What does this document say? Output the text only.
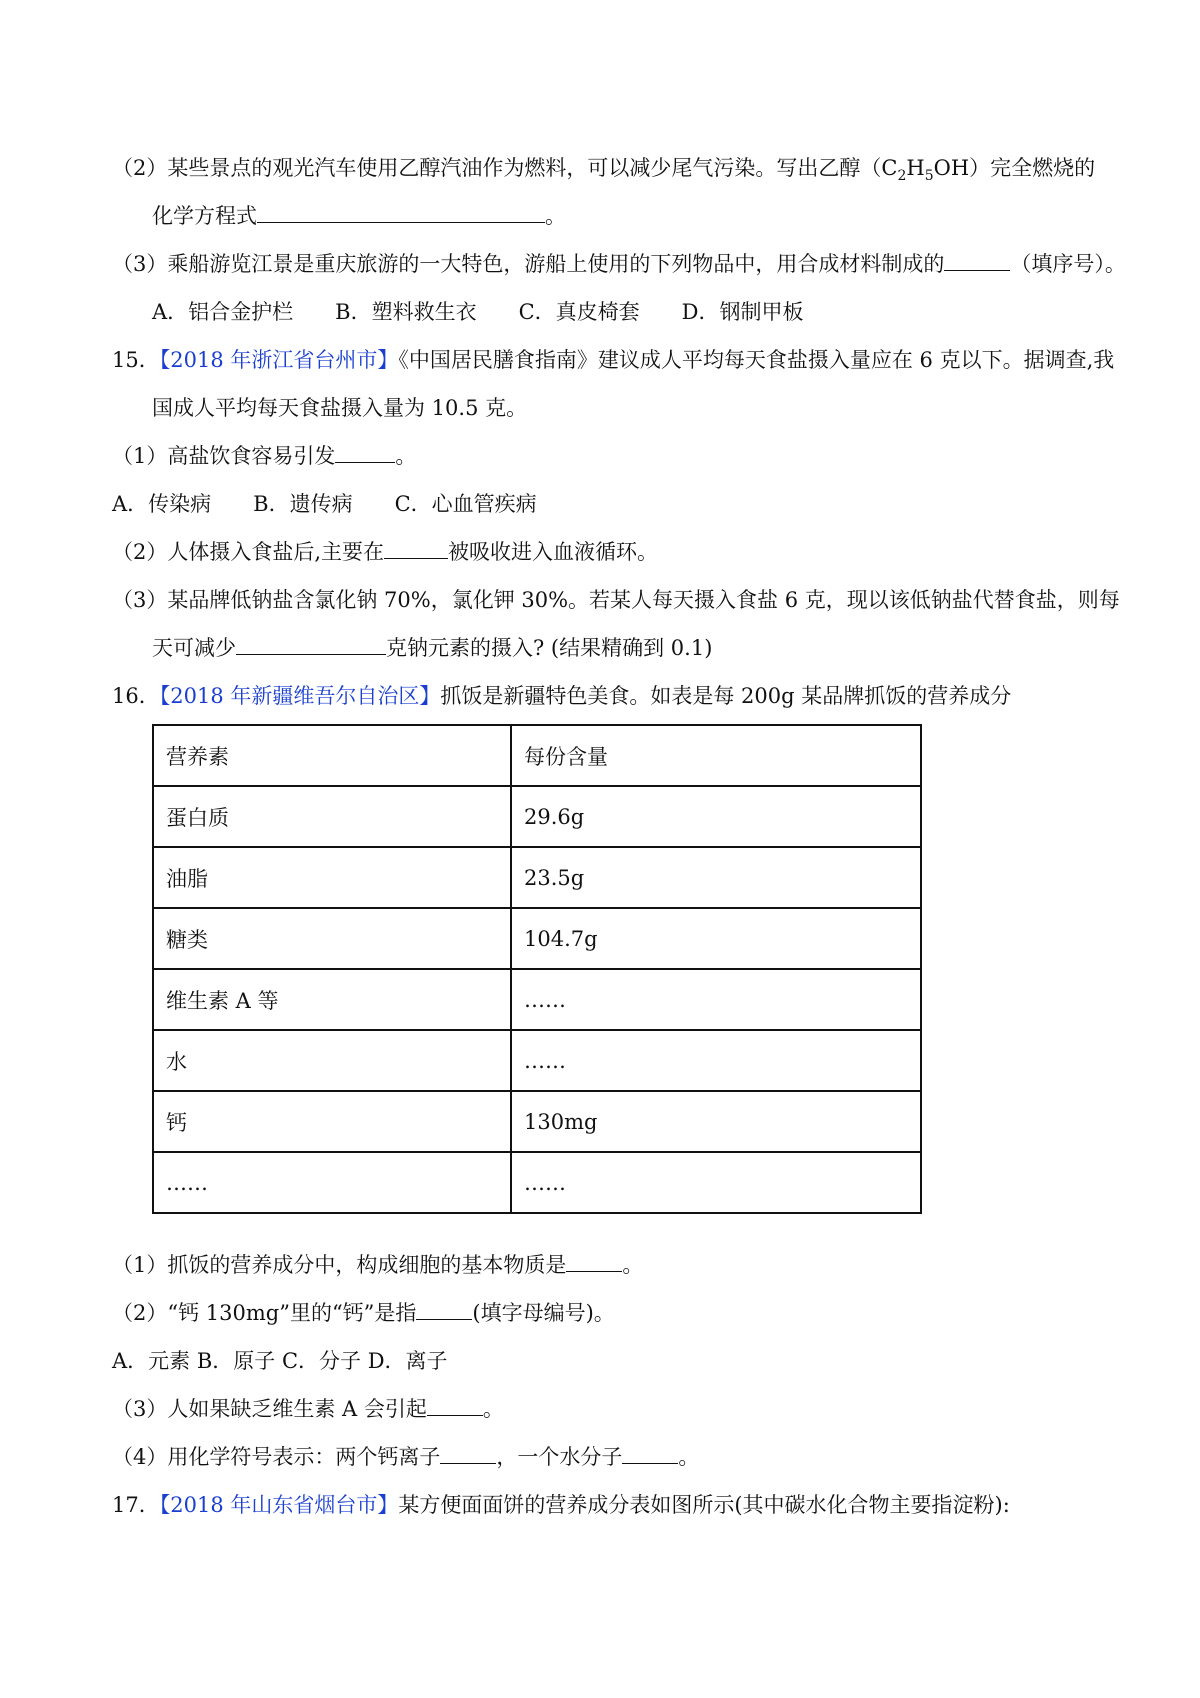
（2）某些景点的观光汽车使用乙醇汽油作为燃料，可以减少尾气污染。写出乙醇$(C_2H_5OH)$完全燃烧的
化学方程式	。
（3）乘船游览江景是重庆旅游的一大特色，游船上使用的下列物品中，用合成材料制成的	（填序号）。
A．铝合金护栏　　B．塑料救生衣　　C．真皮椅套　　D．钢制甲板
15．【2018 年浙江省台州市】《中国居民膳食指南》建议成人平均每天食盐摄入量应在 6 克以下。据调查,我
国成人平均每天食盐摄入量为 10.5 克。
（1）高盐饮食容易引发	。
A．传染病　　B．遗传病　　C．心血管疾病
（2）人体摄入食盐后,主要在	被吸收进入血液循环。
（3）某品牌低钠盐含氯化钠 70%，氯化钾 30%。若某人每天摄入食盐 6 克，现以该低钠盐代替食盐，则每
天可减少	克钠元素的摄入? (结果精确到 0.1)
16．【2018 年新疆维吾尔自治区】抓饭是新疆特色美食。如表是每 200g 某品牌抓饭的营养成分
营养素	每份含量
蛋白质	29.6g
油脂	23.5g
糖类	104.7g
维生素 A 等	……
水	……
钙	130mg
……	……
（1）抓饭的营养成分中，构成细胞的基本物质是	。
（2）“钙 130mg”里的“钙”是指	(填字母编号)。
A．元素 B．原子 C．分子 D．离子
（3）人如果缺乏维生素 A 会引起	。
（4）用化学符号表示：两个钙离子	，一个水分子	。
17．【2018 年山东省烟台市】某方便面面饼的营养成分表如图所示(其中碳水化合物主要指淀粉):
